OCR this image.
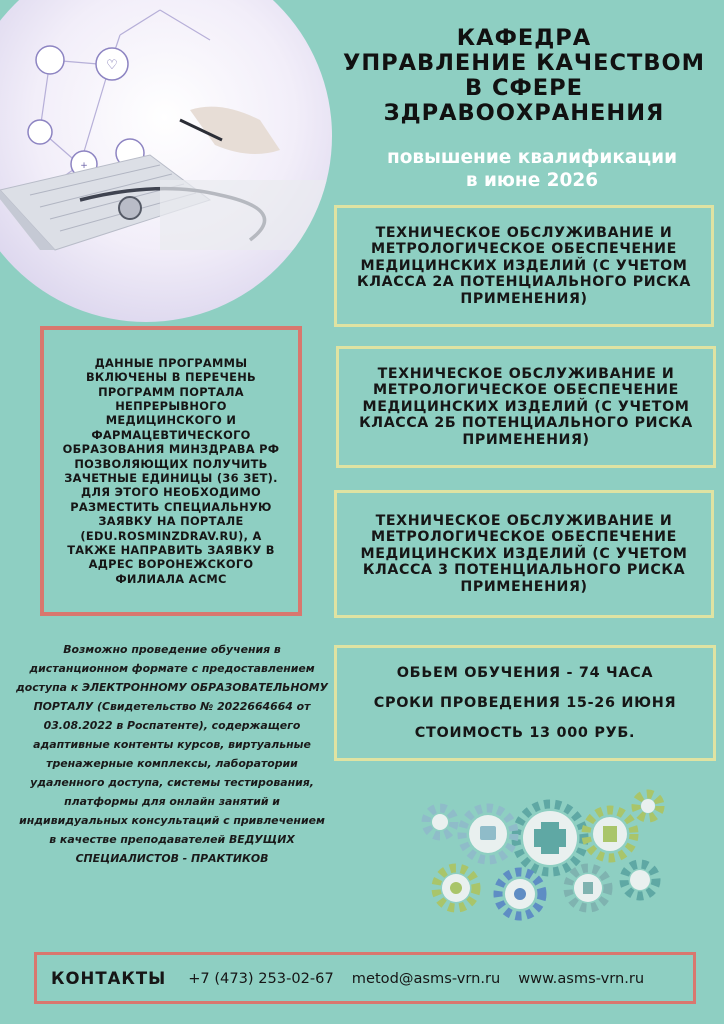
♡
+
КАФЕДРА
УПРАВЛЕНИЕ КАЧЕСТВОМ
В СФЕРЕ
ЗДРАВООХРАНЕНИЯ
повышение квалификации
в июне 2026
ТЕХНИЧЕСКОЕ ОБСЛУЖИВАНИЕ И МЕТРОЛОГИЧЕСКОЕ ОБЕСПЕЧЕНИЕ МЕДИЦИНСКИХ ИЗДЕЛИЙ (С УЧЕТОМ КЛАССА 2А ПОТЕНЦИАЛЬНОГО РИСКА ПРИМЕНЕНИЯ)
ТЕХНИЧЕСКОЕ ОБСЛУЖИВАНИЕ И МЕТРОЛОГИЧЕСКОЕ ОБЕСПЕЧЕНИЕ МЕДИЦИНСКИХ ИЗДЕЛИЙ (С УЧЕТОМ КЛАССА 2Б ПОТЕНЦИАЛЬНОГО РИСКА ПРИМЕНЕНИЯ)
ТЕХНИЧЕСКОЕ ОБСЛУЖИВАНИЕ И МЕТРОЛОГИЧЕСКОЕ ОБЕСПЕЧЕНИЕ МЕДИЦИНСКИХ ИЗДЕЛИЙ (С УЧЕТОМ КЛАССА 3 ПОТЕНЦИАЛЬНОГО РИСКА ПРИМЕНЕНИЯ)
ДАННЫЕ ПРОГРАММЫ ВКЛЮЧЕНЫ В ПЕРЕЧЕНЬ ПРОГРАММ ПОРТАЛА НЕПРЕРЫВНОГО МЕДИЦИНСКОГО И ФАРМАЦЕВТИЧЕСКОГО ОБРАЗОВАНИЯ МИНЗДРАВА РФ ПОЗВОЛЯЮЩИХ ПОЛУЧИТЬ ЗАЧЕТНЫЕ ЕДИНИЦЫ (36 ЗЕТ). ДЛЯ ЭТОГО НЕОБХОДИМО РАЗМЕСТИТЬ СПЕЦИАЛЬНУЮ ЗАЯВКУ НА ПОРТАЛЕ (EDU.ROSMINZDRAV.RU), А ТАКЖЕ НАПРАВИТЬ ЗАЯВКУ В АДРЕС ВОРОНЕЖСКОГО ФИЛИАЛА АСМС
Возможно проведение обучения в дистанционном формате с предоставлением доступа к ЭЛЕКТРОННОМУ ОБРАЗОВАТЕЛЬНОМУ ПОРТАЛУ (Свидетельство № 2022664664 от 03.08.2022 в Роспатенте), содержащего адаптивные контенты курсов, виртуальные тренажерные комплексы, лаборатории удаленного доступа, системы тестирования, платформы для онлайн занятий и индивидуальных консультаций с привлечением в качестве преподавателей ВЕДУЩИХ СПЕЦИАЛИСТОВ - ПРАКТИКОВ
ОБЬЕМ ОБУЧЕНИЯ - 74 ЧАСА
СРОКИ ПРОВЕДЕНИЯ 15-26 ИЮНЯ
СТОИМОСТЬ 13 000 РУБ.
КОНТАКТЫ +7 (473) 253-02-67 metod@asms-vrn.ru www.asms-vrn.ru
